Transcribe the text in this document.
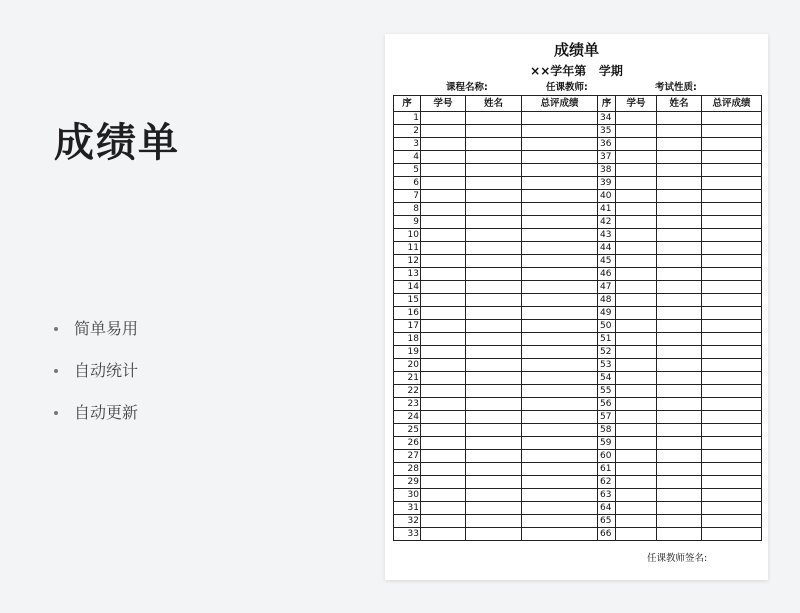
成绩单
简单易用
自动统计
自动更新
成绩单
××学年第   学期
课程名称:	任课教师:	考试性质:
序	学号	姓名	总评成绩	序	学号	姓名	总评成绩
1				34			
2				35			
3				36			
4				37			
5				38			
6				39			
7				40			
8				41			
9				42			
10				43			
11				44			
12				45			
13				46			
14				47			
15				48			
16				49			
17				50			
18				51			
19				52			
20				53			
21				54			
22				55			
23				56			
24				57			
25				58			
26				59			
27				60			
28				61			
29				62			
30				63			
31				64			
32				65			
33				66			
任课教师签名:
